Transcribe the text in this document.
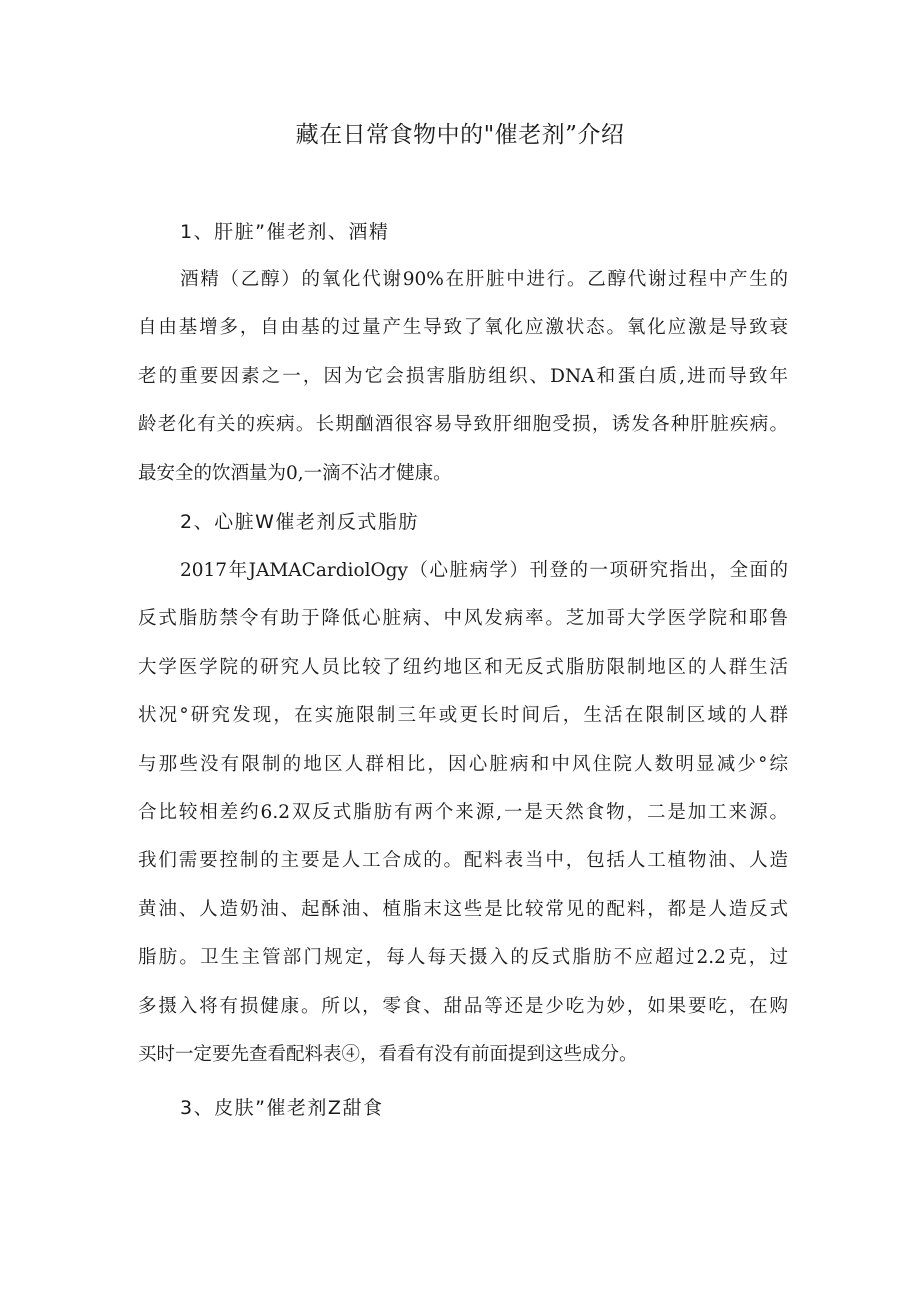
藏在日常食物中的"催老剂”介绍
1、肝脏”催老剂、酒精
酒精（乙醇）的氧化代谢90%在肝脏中进行。乙醇代谢过程中产生的
自由基增多，自由基的过量产生导致了氧化应激状态。氧化应激是导致衰
老的重要因素之一，因为它会损害脂肪组织、DNA和蛋白质,进而导致年
龄老化有关的疾病。长期酗酒很容易导致肝细胞受损，诱发各种肝脏疾病。
最安全的饮酒量为0,一滴不沾才健康。
2、心脏W催老剂反式脂肪
2017年JAMACardiolOgy（心脏病学）刊登的一项研究指出，全面的
反式脂肪禁令有助于降低心脏病、中风发病率。芝加哥大学医学院和耶鲁
大学医学院的研究人员比较了纽约地区和无反式脂肪限制地区的人群生活
状况°研究发现，在实施限制三年或更长时间后，生活在限制区域的人群
与那些没有限制的地区人群相比，因心脏病和中风住院人数明显减少°综
合比较相差约6.2双反式脂肪有两个来源,一是天然食物，二是加工来源。
我们需要控制的主要是人工合成的。配料表当中，包括人工植物油、人造
黄油、人造奶油、起酥油、植脂末这些是比较常见的配料，都是人造反式
脂肪。卫生主管部门规定，每人每天摄入的反式脂肪不应超过2.2克，过
多摄入将有损健康。所以，零食、甜品等还是少吃为妙，如果要吃，在购
买时一定要先查看配料表④，看看有没有前面提到这些成分。
3、皮肤”催老剂Z甜食
